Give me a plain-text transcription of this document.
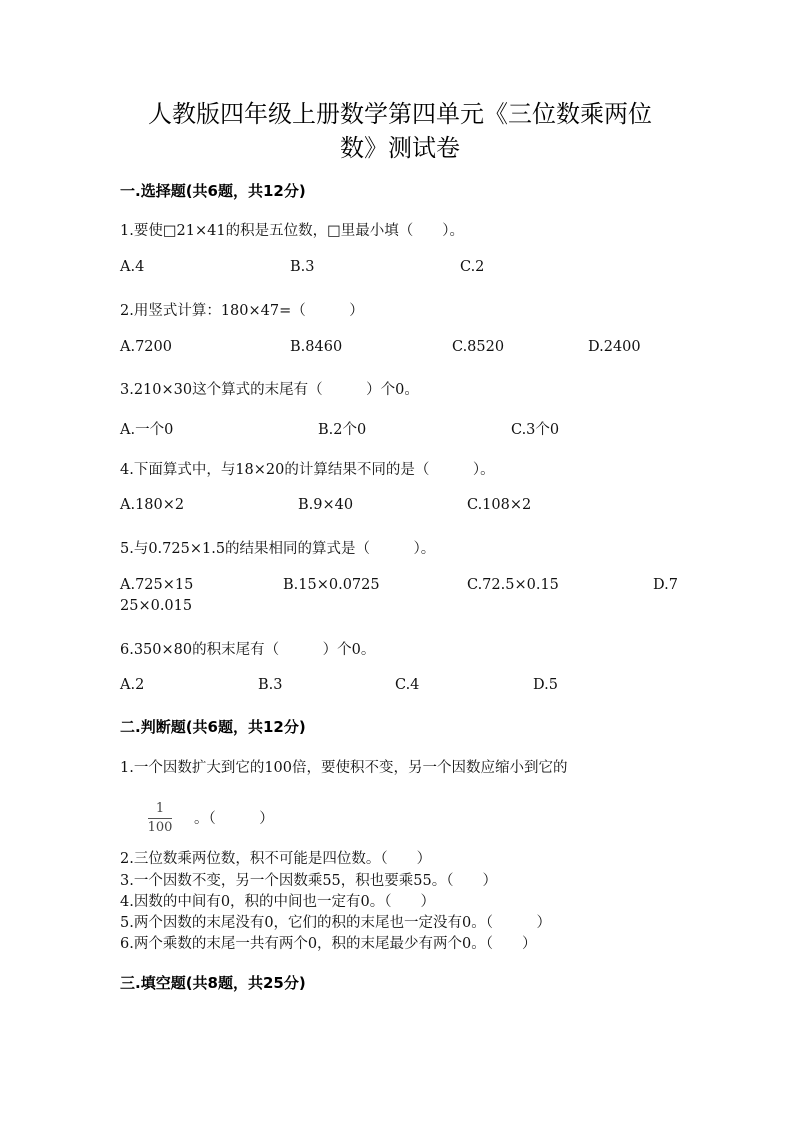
人教版四年级上册数学第四单元《三位数乘两位
数》测试卷
一.选择题(共6题，共12分)
1.要使□21×41的积是五位数，□里最小填（　　）。
A.4	B.3	C.2
2.用竖式计算：180×47=（　　　）
A.7200	B.8460	C.8520	D.2400
3.210×30这个算式的末尾有（　　　）个0。
A.一个0	B.2个0	C.3个0
4.下面算式中，与18×20的计算结果不同的是（　　　）。
A.180×2	B.9×40	C.108×2
5.与0.725×1.5的结果相同的算式是（　　　）。
A.725×15	B.15×0.0725	C.72.5×0.15	D.7
25×0.015
6.350×80的积末尾有（　　　）个0。
A.2	B.3	C.4	D.5
二.判断题(共6题，共12分)
1.一个因数扩大到它的100倍，要使积不变，另一个因数应缩小到它的
1
100
。（　　　）
2.三位数乘两位数，积不可能是四位数。（　　）
3.一个因数不变，另一个因数乘55，积也要乘55。（　　）
4.因数的中间有0，积的中间也一定有0。（　　）
5.两个因数的末尾没有0，它们的积的末尾也一定没有0。（　　　）
6.两个乘数的末尾一共有两个0，积的末尾最少有两个0。（　　）
三.填空题(共8题，共25分)
